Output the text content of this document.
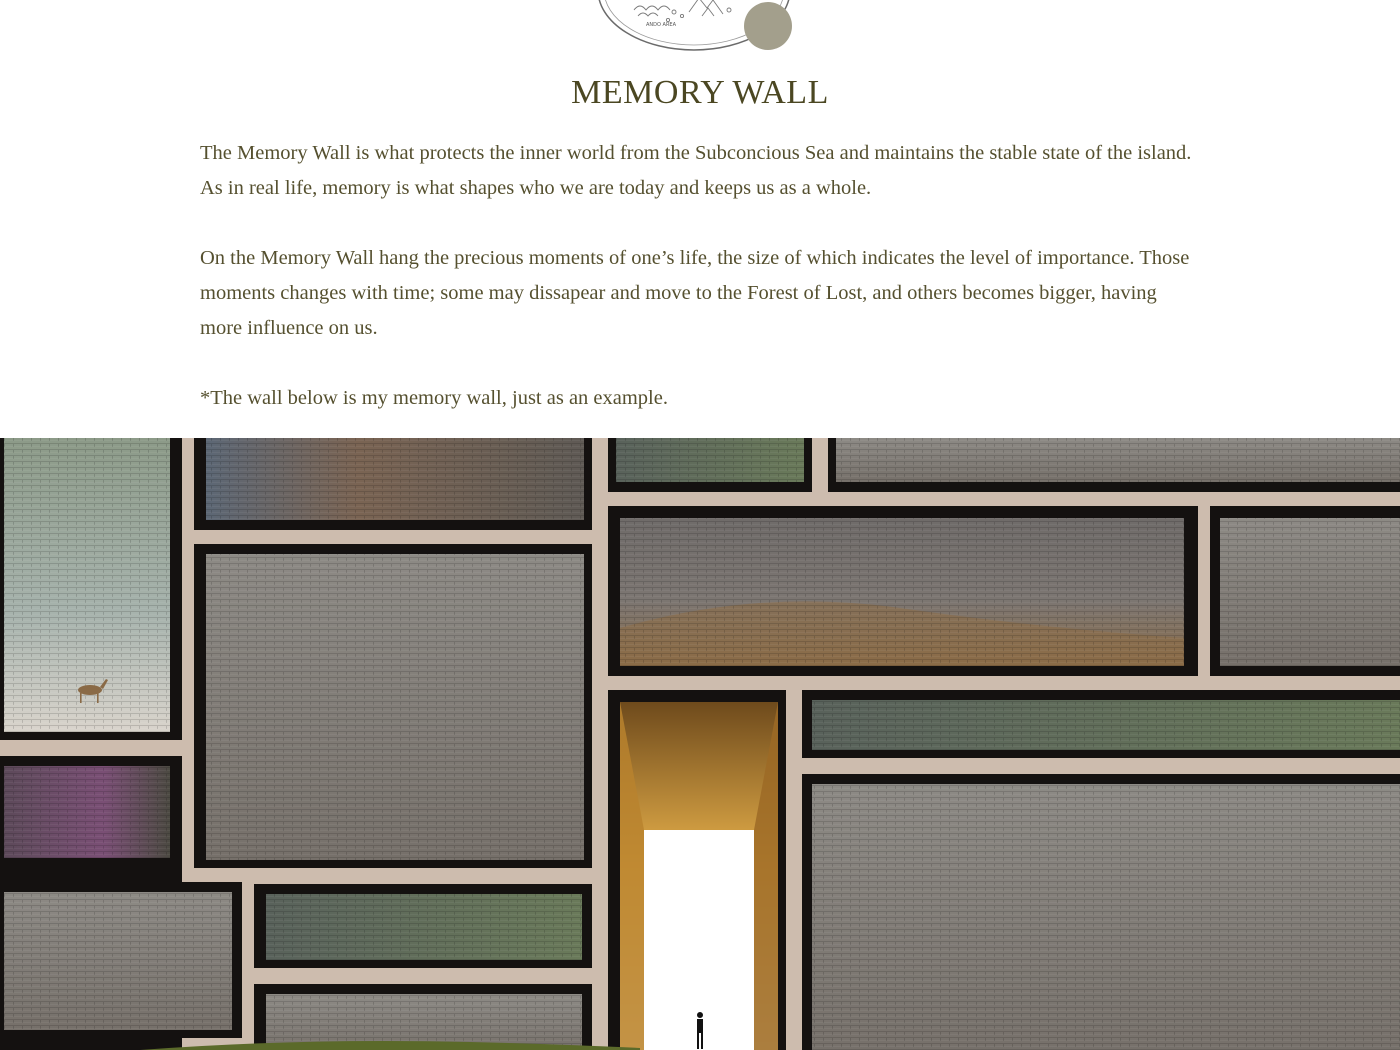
ANDO AREA
MEMORY WALL

The Memory Wall is what protects the inner world from the Subconcious Sea and maintains the stable state of the island. As in real life, memory is what shapes who we are today and keeps us as a whole.

On the Memory Wall hang the precious moments of one’s life, the size of which indicates the level of importance. Those moments changes with time; some may dissapear and move to the Forest of Lost, and others becomes bigger, having more influence on us.

*The wall below is my memory wall, just as an example.
